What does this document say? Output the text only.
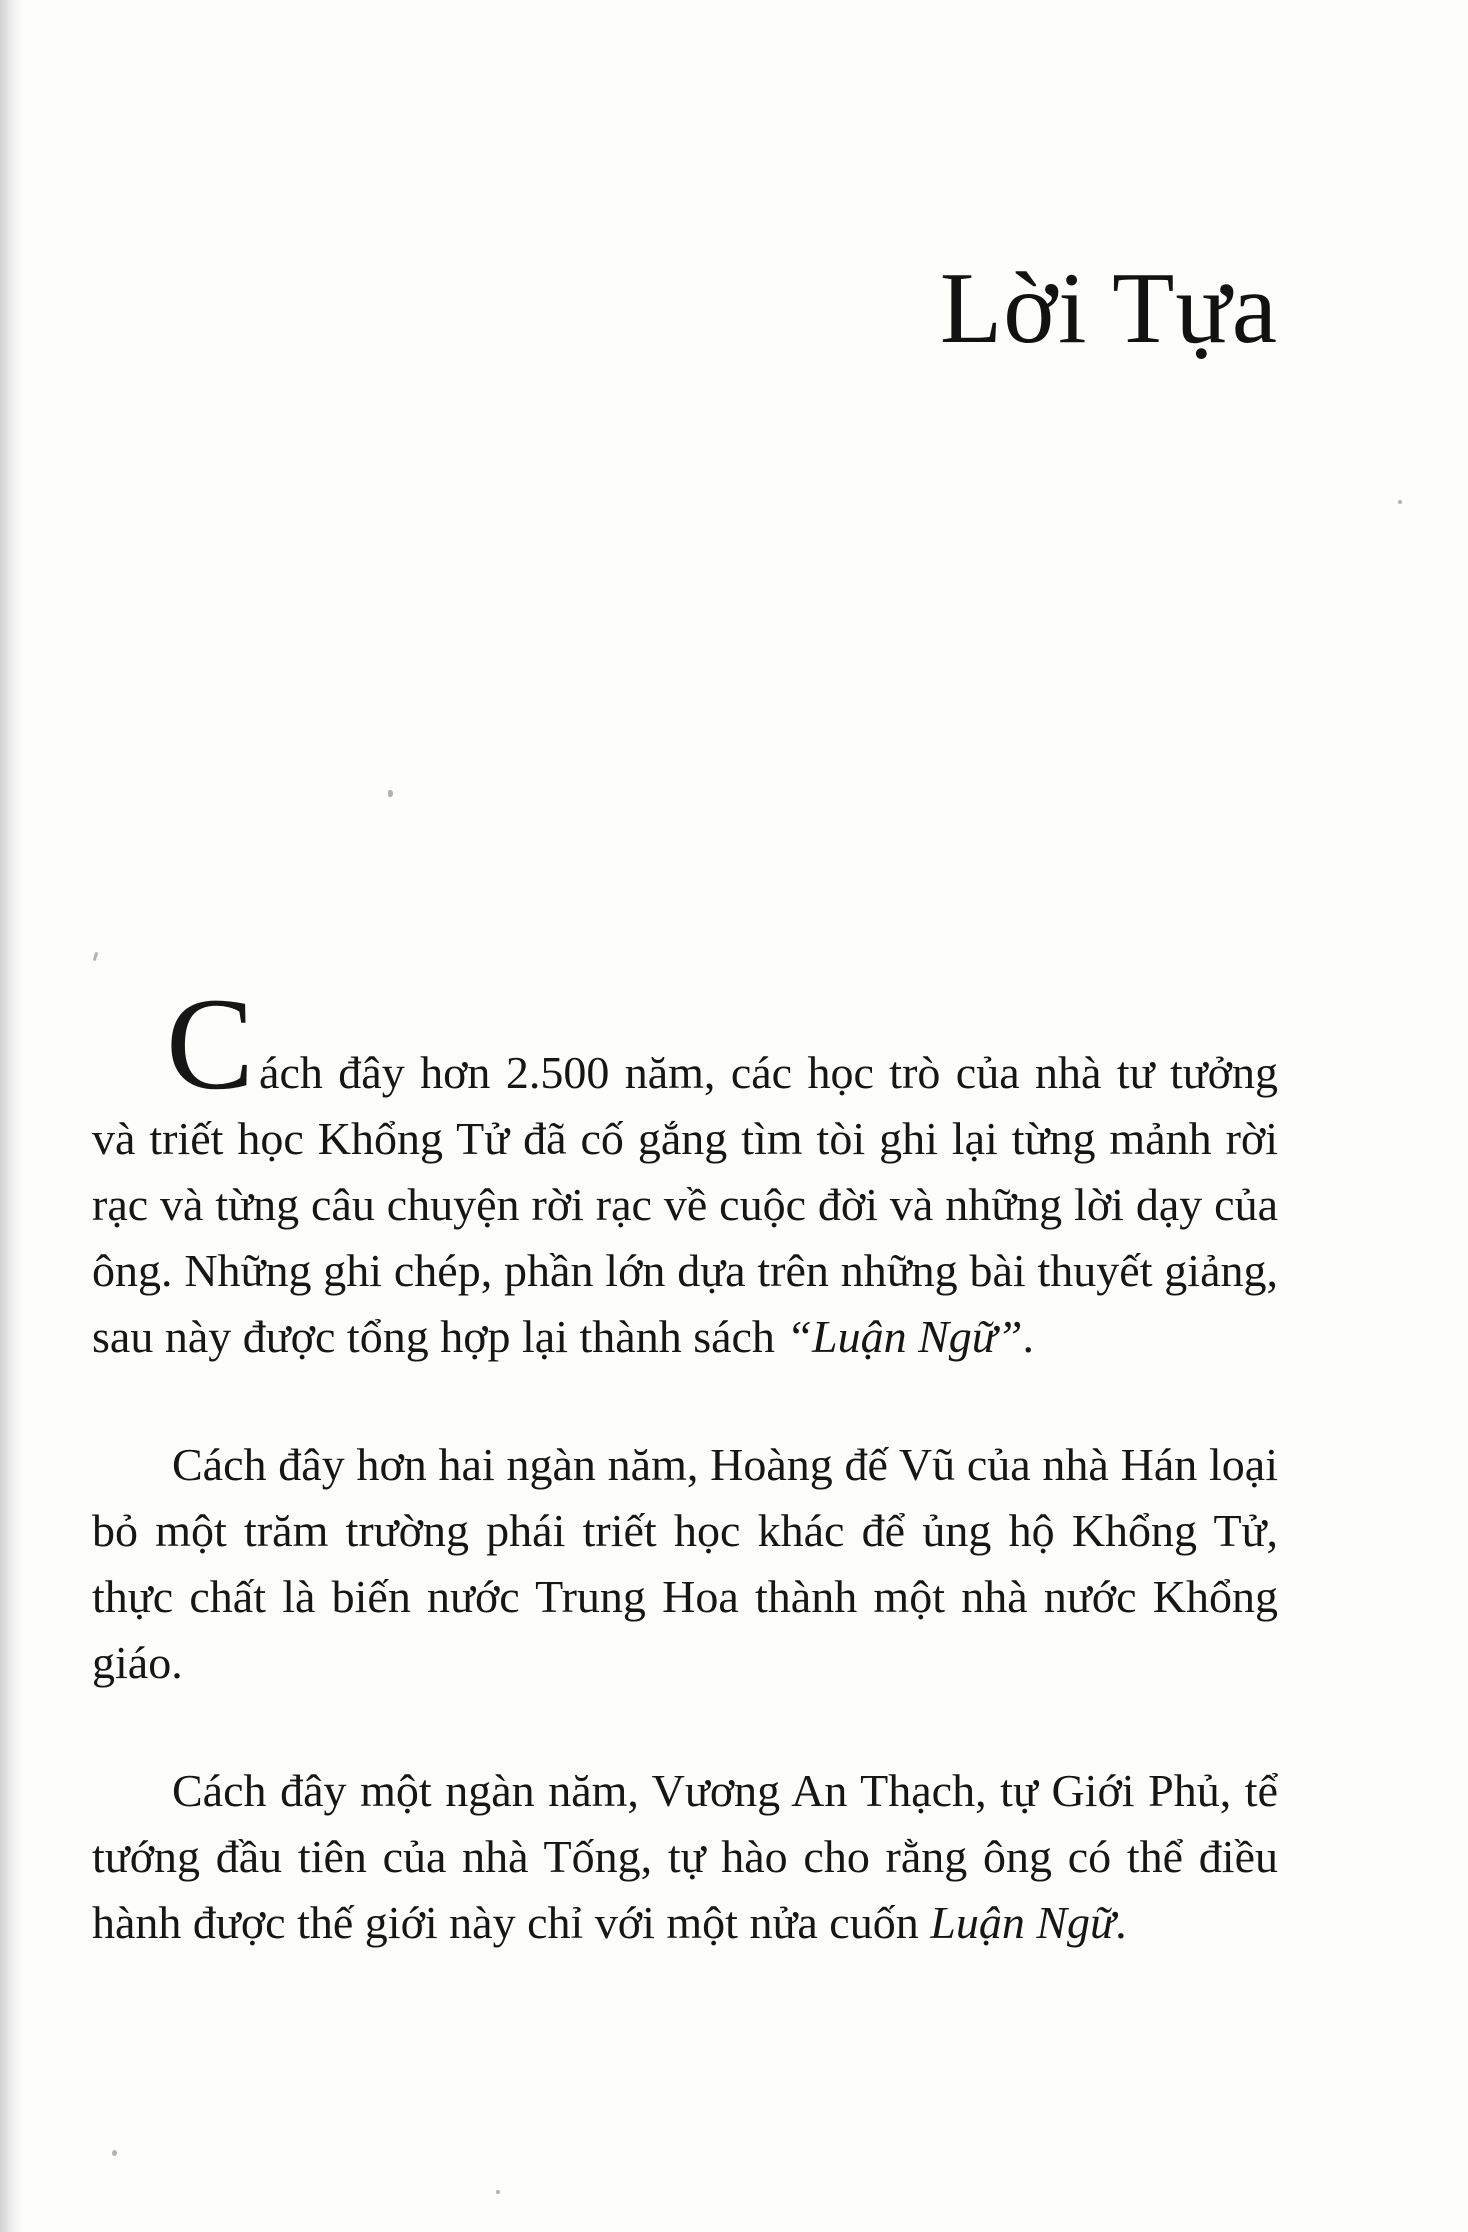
Lời Tựa

Cách đây hơn 2.500 năm, các học trò của nhà tư tưởng và triết học Khổng Tử đã cố gắng tìm tòi ghi lại từng mảnh rời rạc và từng câu chuyện rời rạc về cuộc đời và những lời dạy của ông. Những ghi chép, phần lớn dựa trên những bài thuyết giảng, sau này được tổng hợp lại thành sách “Luận Ngữ”.

Cách đây hơn hai ngàn năm, Hoàng đế Vũ của nhà Hán loại bỏ một trăm trường phái triết học khác để ủng hộ Khổng Tử, thực chất là biến nước Trung Hoa thành một nhà nước Khổng giáo.

Cách đây một ngàn năm, Vương An Thạch, tự Giới Phủ, tể tướng đầu tiên của nhà Tống, tự hào cho rằng ông có thể điều hành được thế giới này chỉ với một nửa cuốn Luận Ngữ.
